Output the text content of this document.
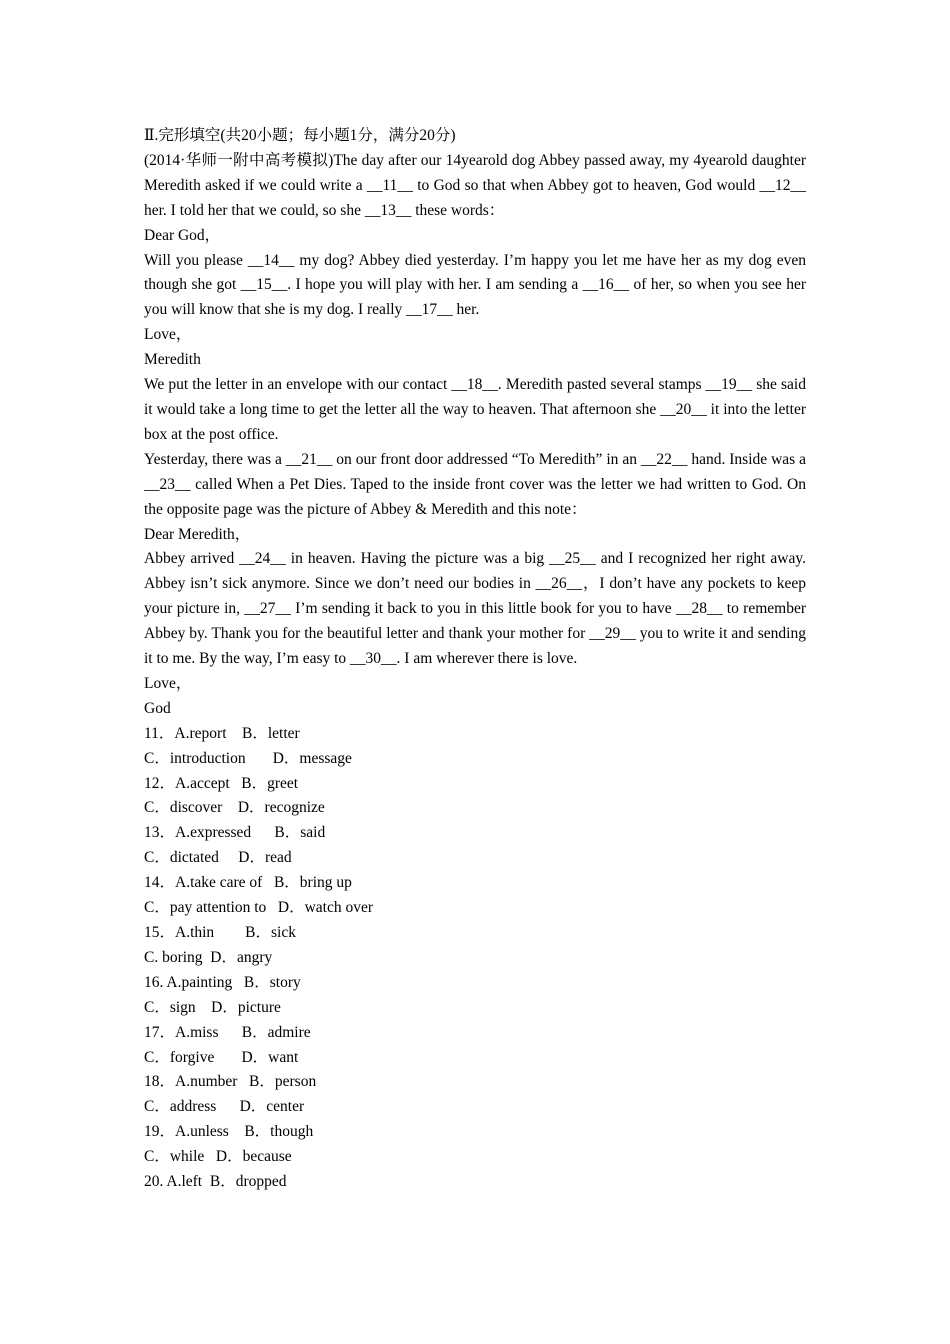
Ⅱ.完形填空(共20小题；每小题1分，满分20分)

(2014·华师一附中高考模拟)The day after our 14yearold dog Abbey passed away, my 4yearold daughter Meredith asked if we could write a __11__ to God so that when Abbey got to heaven, God would __12__ her. I told her that we could, so she __13__ these words：

Dear God，

Will you please __14__ my dog? Abbey died yesterday. I’m happy you let me have her as my dog even though she got __15__. I hope you will play with her. I am sending a __16__ of her, so when you see her you will know that she is my dog. I really __17__ her.

Love，

Meredith

We put the letter in an envelope with our contact __18__. Meredith pasted several stamps __19__ she said it would take a long time to get the letter all the way to heaven. That afternoon she __20__ it into the letter box at the post office.

Yesterday, there was a __21__ on our front door addressed “To Meredith” in an __22__ hand. Inside was a __23__ called When a Pet Dies. Taped to the inside front cover was the letter we had written to God. On the opposite page was the picture of Abbey & Meredith and this note：

Dear Meredith，

Abbey arrived __24__ in heaven. Having the picture was a big __25__ and I recognized her right away. Abbey isn’t sick anymore. Since we don’t need our bodies in __26__，I don’t have any pockets to keep your picture in, __27__ I’m sending it back to you in this little book for you to have __28__ to remember Abbey by. Thank you for the beautiful letter and thank your mother for __29__ you to write it and sending it to me. By the way, I’m easy to __30__. I am wherever there is love.

Love，

God

11．A.report    B．letter

C．introduction       D．message

12．A.accept   B．greet

C．discover    D．recognize

13．A.expressed      B．said

C．dictated     D．read

14．A.take care of   B．bring up

C．pay attention to   D．watch over

15．A.thin        B．sick

C. boring  D．angry

16. A.painting   B．story

C．sign    D．picture

17．A.miss      B．admire

C．forgive       D．want

18．A.number   B．person

C．address      D．center

19．A.unless    B．though

C．while   D．because

20. A.left  B．dropped
